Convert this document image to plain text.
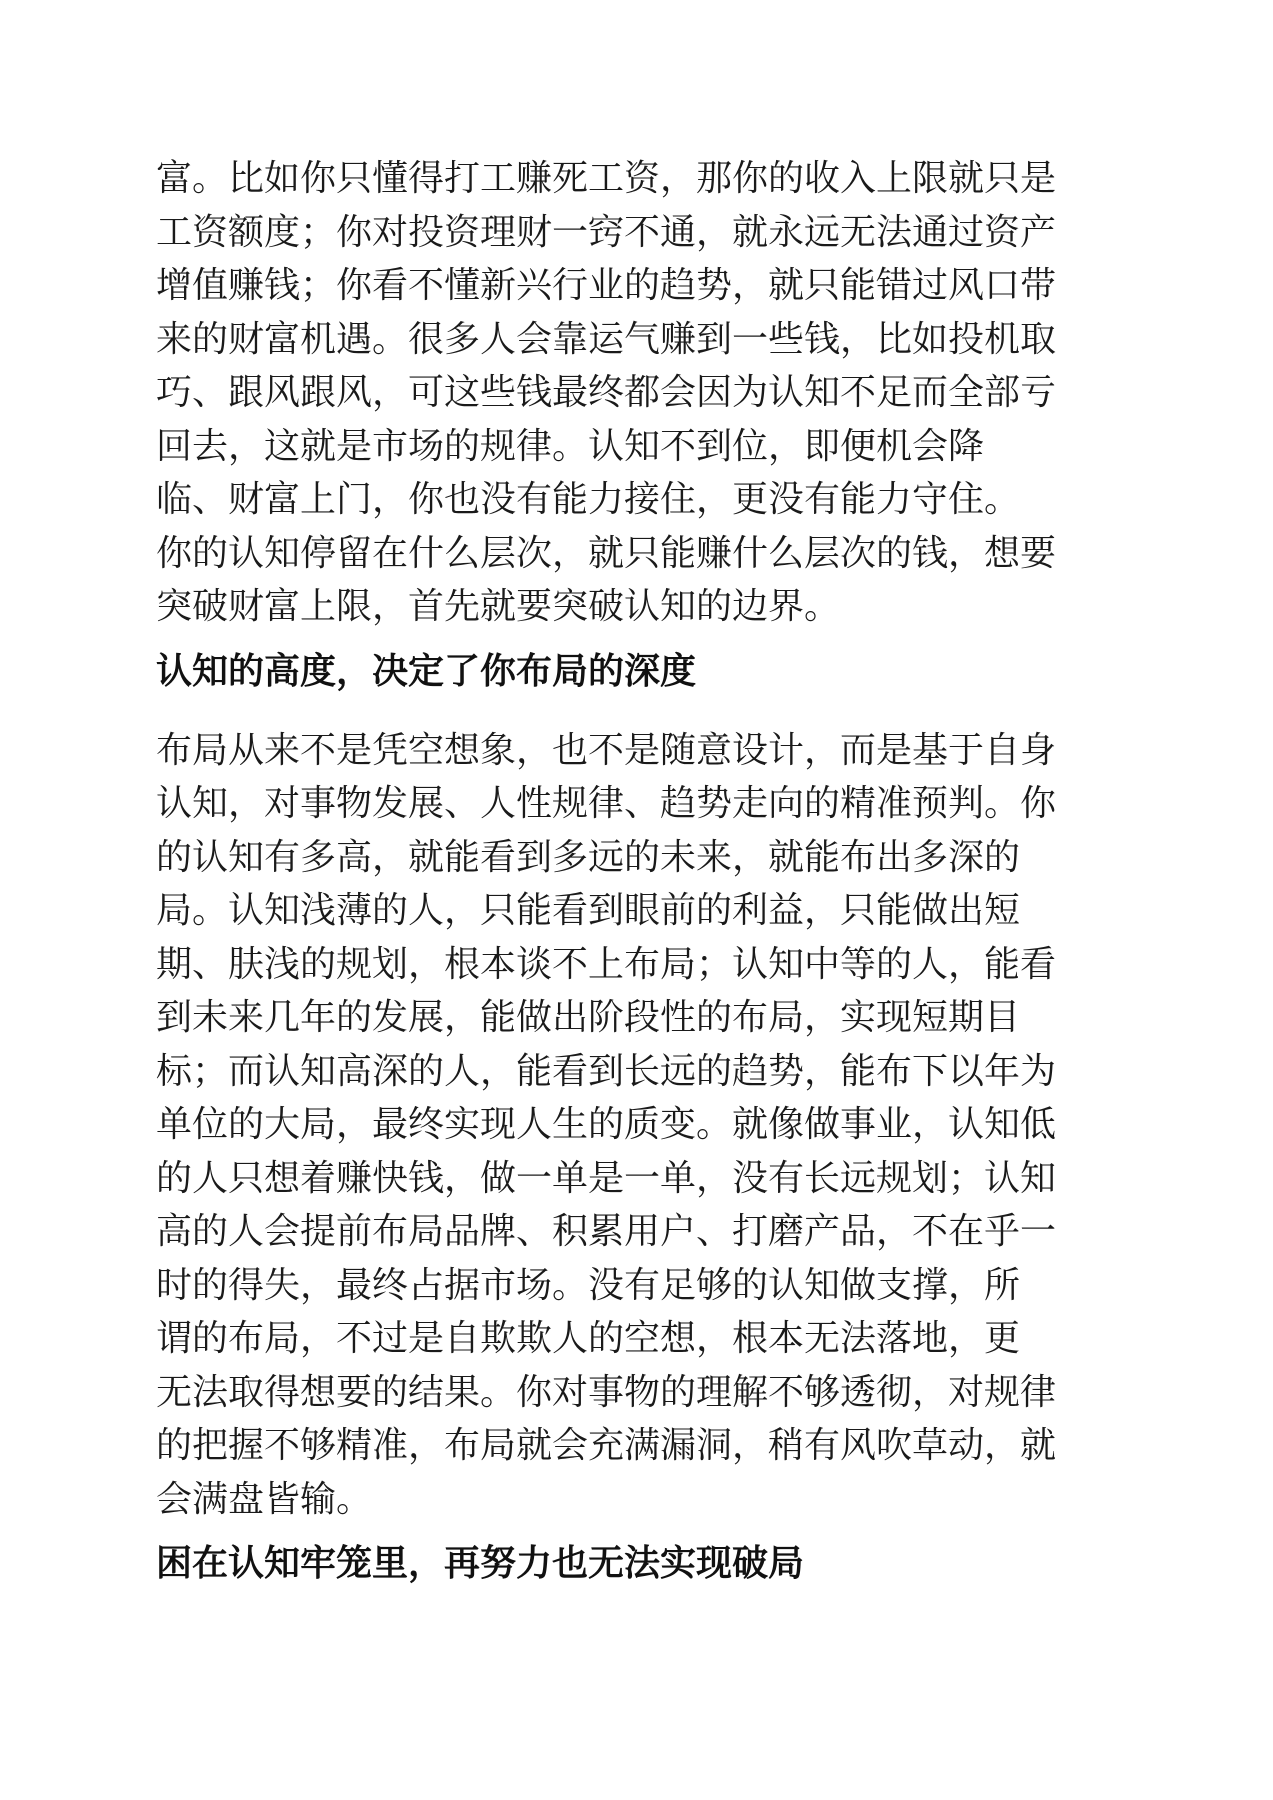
富。比如你只懂得打工赚死工资，那你的收入上限就只是
工资额度；你对投资理财一窍不通，就永远无法通过资产
增值赚钱；你看不懂新兴行业的趋势，就只能错过风口带
来的财富机遇。很多人会靠运气赚到一些钱，比如投机取
巧、跟风跟风，可这些钱最终都会因为认知不足而全部亏
回去，这就是市场的规律。认知不到位，即便机会降
临、财富上门，你也没有能力接住，更没有能力守住。
你的认知停留在什么层次，就只能赚什么层次的钱，想要
突破财富上限，首先就要突破认知的边界。
认知的高度，决定了你布局的深度
布局从来不是凭空想象，也不是随意设计，而是基于自身
认知，对事物发展、人性规律、趋势走向的精准预判。你
的认知有多高，就能看到多远的未来，就能布出多深的
局。认知浅薄的人，只能看到眼前的利益，只能做出短
期、肤浅的规划，根本谈不上布局；认知中等的人，能看
到未来几年的发展，能做出阶段性的布局，实现短期目
标；而认知高深的人，能看到长远的趋势，能布下以年为
单位的大局，最终实现人生的质变。就像做事业，认知低
的人只想着赚快钱，做一单是一单，没有长远规划；认知
高的人会提前布局品牌、积累用户、打磨产品，不在乎一
时的得失，最终占据市场。没有足够的认知做支撑，所
谓的布局，不过是自欺欺人的空想，根本无法落地，更
无法取得想要的结果。你对事物的理解不够透彻，对规律
的把握不够精准，布局就会充满漏洞，稍有风吹草动，就
会满盘皆输。
困在认知牢笼里，再努力也无法实现破局
